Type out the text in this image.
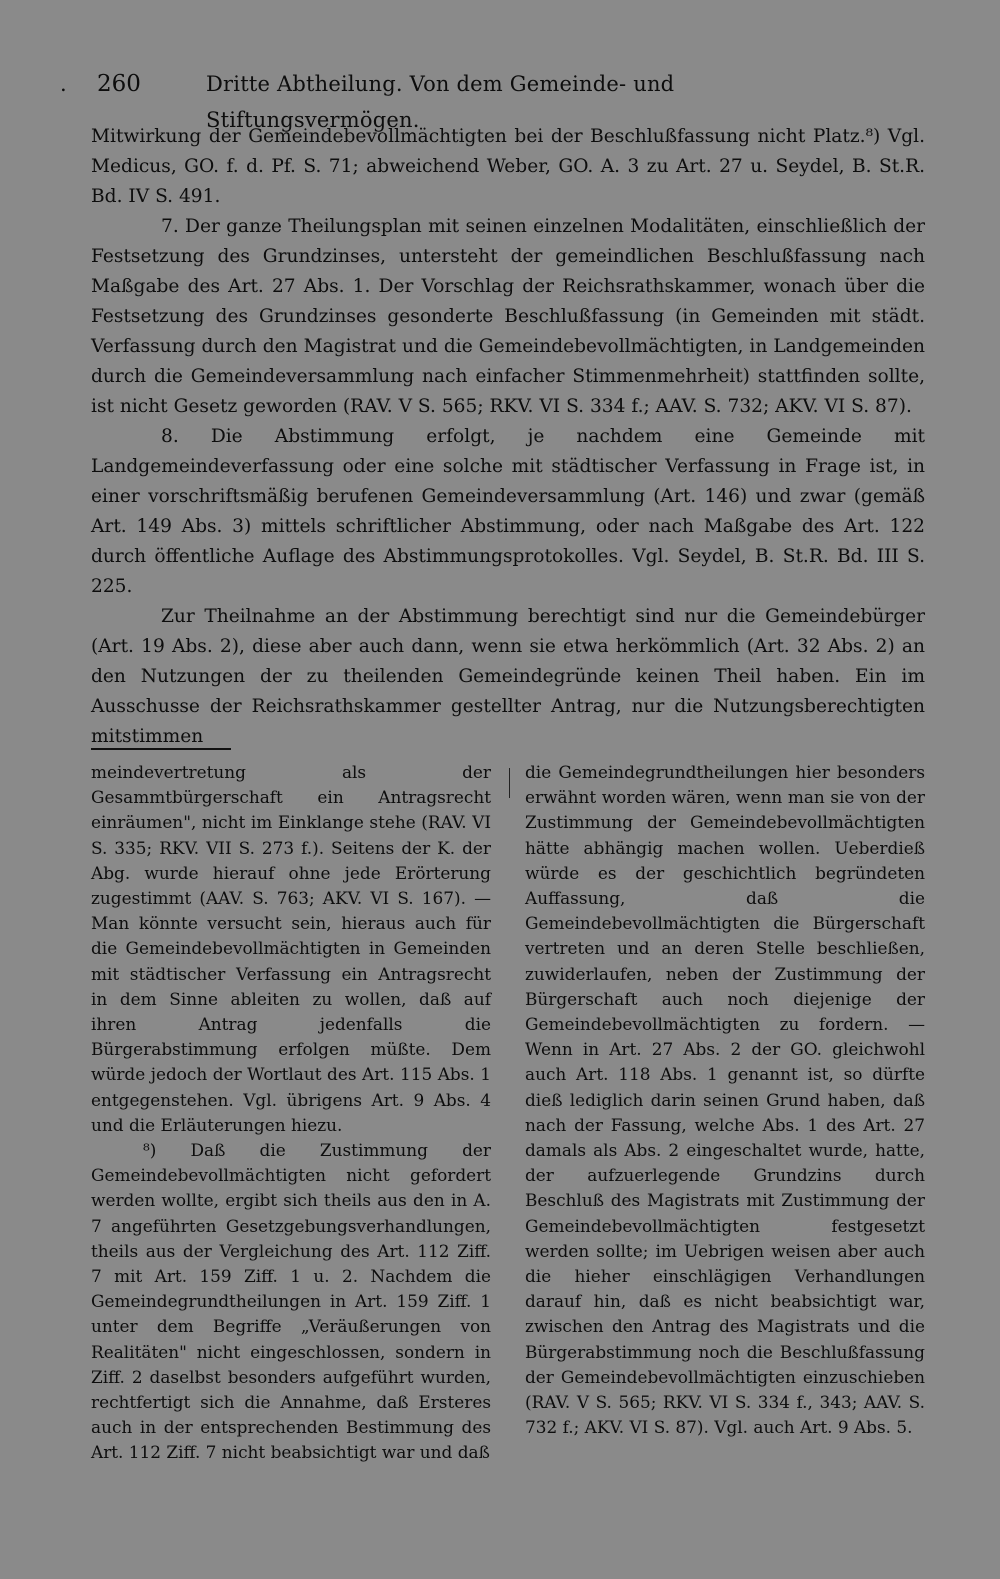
. 260	Dritte Abtheilung. Von dem Gemeinde- und Stiftungsvermögen.

Mitwirkung der Gemeindebevollmächtigten bei der Beschlußfassung nicht Platz.⁸) Vgl. Medicus, GO. f. d. Pf. S. 71; abweichend Weber, GO. A. 3 zu Art. 27 u. Seydel, B. St.R. Bd. IV S. 491.

7. Der ganze Theilungsplan mit seinen einzelnen Modalitäten, einschließlich der Festsetzung des Grundzinses, untersteht der gemeindlichen Beschlußfassung nach Maßgabe des Art. 27 Abs. 1. Der Vorschlag der Reichsrathskammer, wonach über die Festsetzung des Grundzinses gesonderte Beschlußfassung (in Gemeinden mit städt. Verfassung durch den Magistrat und die Gemeindebevollmächtigten, in Landgemeinden durch die Gemeindeversammlung nach einfacher Stimmenmehrheit) stattfinden sollte, ist nicht Gesetz geworden (RAV. V S. 565; RKV. VI S. 334 f.; AAV. S. 732; AKV. VI S. 87).

8. Die Abstimmung erfolgt, je nachdem eine Gemeinde mit Landgemeindeverfassung oder eine solche mit städtischer Verfassung in Frage ist, in einer vorschriftsmäßig berufenen Gemeindeversammlung (Art. 146) und zwar (gemäß Art. 149 Abs. 3) mittels schriftlicher Abstimmung, oder nach Maßgabe des Art. 122 durch öffentliche Auflage des Abstimmungsprotokolles. Vgl. Seydel, B. St.R. Bd. III S. 225.

Zur Theilnahme an der Abstimmung berechtigt sind nur die Gemeindebürger (Art. 19 Abs. 2), diese aber auch dann, wenn sie etwa herkömmlich (Art. 32 Abs. 2) an den Nutzungen der zu theilenden Gemeindegründe keinen Theil haben. Ein im Ausschusse der Reichsrathskammer gestellter Antrag, nur die Nutzungsberechtigten mitstimmen

meindevertretung als der Gesammtbürgerschaft ein Antragsrecht einräumen", nicht im Einklange stehe (RAV. VI S. 335; RKV. VII S. 273 f.). Seitens der K. der Abg. wurde hierauf ohne jede Erörterung zugestimmt (AAV. S. 763; AKV. VI S. 167). — Man könnte versucht sein, hieraus auch für die Gemeindebevollmächtigten in Gemeinden mit städtischer Verfassung ein Antragsrecht in dem Sinne ableiten zu wollen, daß auf ihren Antrag jedenfalls die Bürgerabstimmung erfolgen müßte. Dem würde jedoch der Wortlaut des Art. 115 Abs. 1 entgegenstehen. Vgl. übrigens Art. 9 Abs. 4 und die Erläuterungen hiezu.

⁸) Daß die Zustimmung der Gemeindebevollmächtigten nicht gefordert werden wollte, ergibt sich theils aus den in A. 7 angeführten Gesetzgebungsverhandlungen, theils aus der Vergleichung des Art. 112 Ziff. 7 mit Art. 159 Ziff. 1 u. 2. Nachdem die Gemeindegrundtheilungen in Art. 159 Ziff. 1 unter dem Begriffe „Veräußerungen von Realitäten" nicht eingeschlossen, sondern in Ziff. 2 daselbst besonders aufgeführt wurden, rechtfertigt sich die Annahme, daß Ersteres auch in der entsprechenden Bestimmung des Art. 112 Ziff. 7 nicht beabsichtigt war und daß

die Gemeindegrundtheilungen hier besonders erwähnt worden wären, wenn man sie von der Zustimmung der Gemeindebevollmächtigten hätte abhängig machen wollen. Ueberdieß würde es der geschichtlich begründeten Auffassung, daß die Gemeindebevollmächtigten die Bürgerschaft vertreten und an deren Stelle beschließen, zuwiderlaufen, neben der Zustimmung der Bürgerschaft auch noch diejenige der Gemeindebevollmächtigten zu fordern. — Wenn in Art. 27 Abs. 2 der GO. gleichwohl auch Art. 118 Abs. 1 genannt ist, so dürfte dieß lediglich darin seinen Grund haben, daß nach der Fassung, welche Abs. 1 des Art. 27 damals als Abs. 2 eingeschaltet wurde, hatte, der aufzuerlegende Grundzins durch Beschluß des Magistrats mit Zustimmung der Gemeindebevollmächtigten festgesetzt werden sollte; im Uebrigen weisen aber auch die hieher einschlägigen Verhandlungen darauf hin, daß es nicht beabsichtigt war, zwischen den Antrag des Magistrats und die Bürgerabstimmung noch die Beschlußfassung der Gemeindebevollmächtigten einzuschieben (RAV. V S. 565; RKV. VI S. 334 f., 343; AAV. S. 732 f.; AKV. VI S. 87). Vgl. auch Art. 9 Abs. 5.
